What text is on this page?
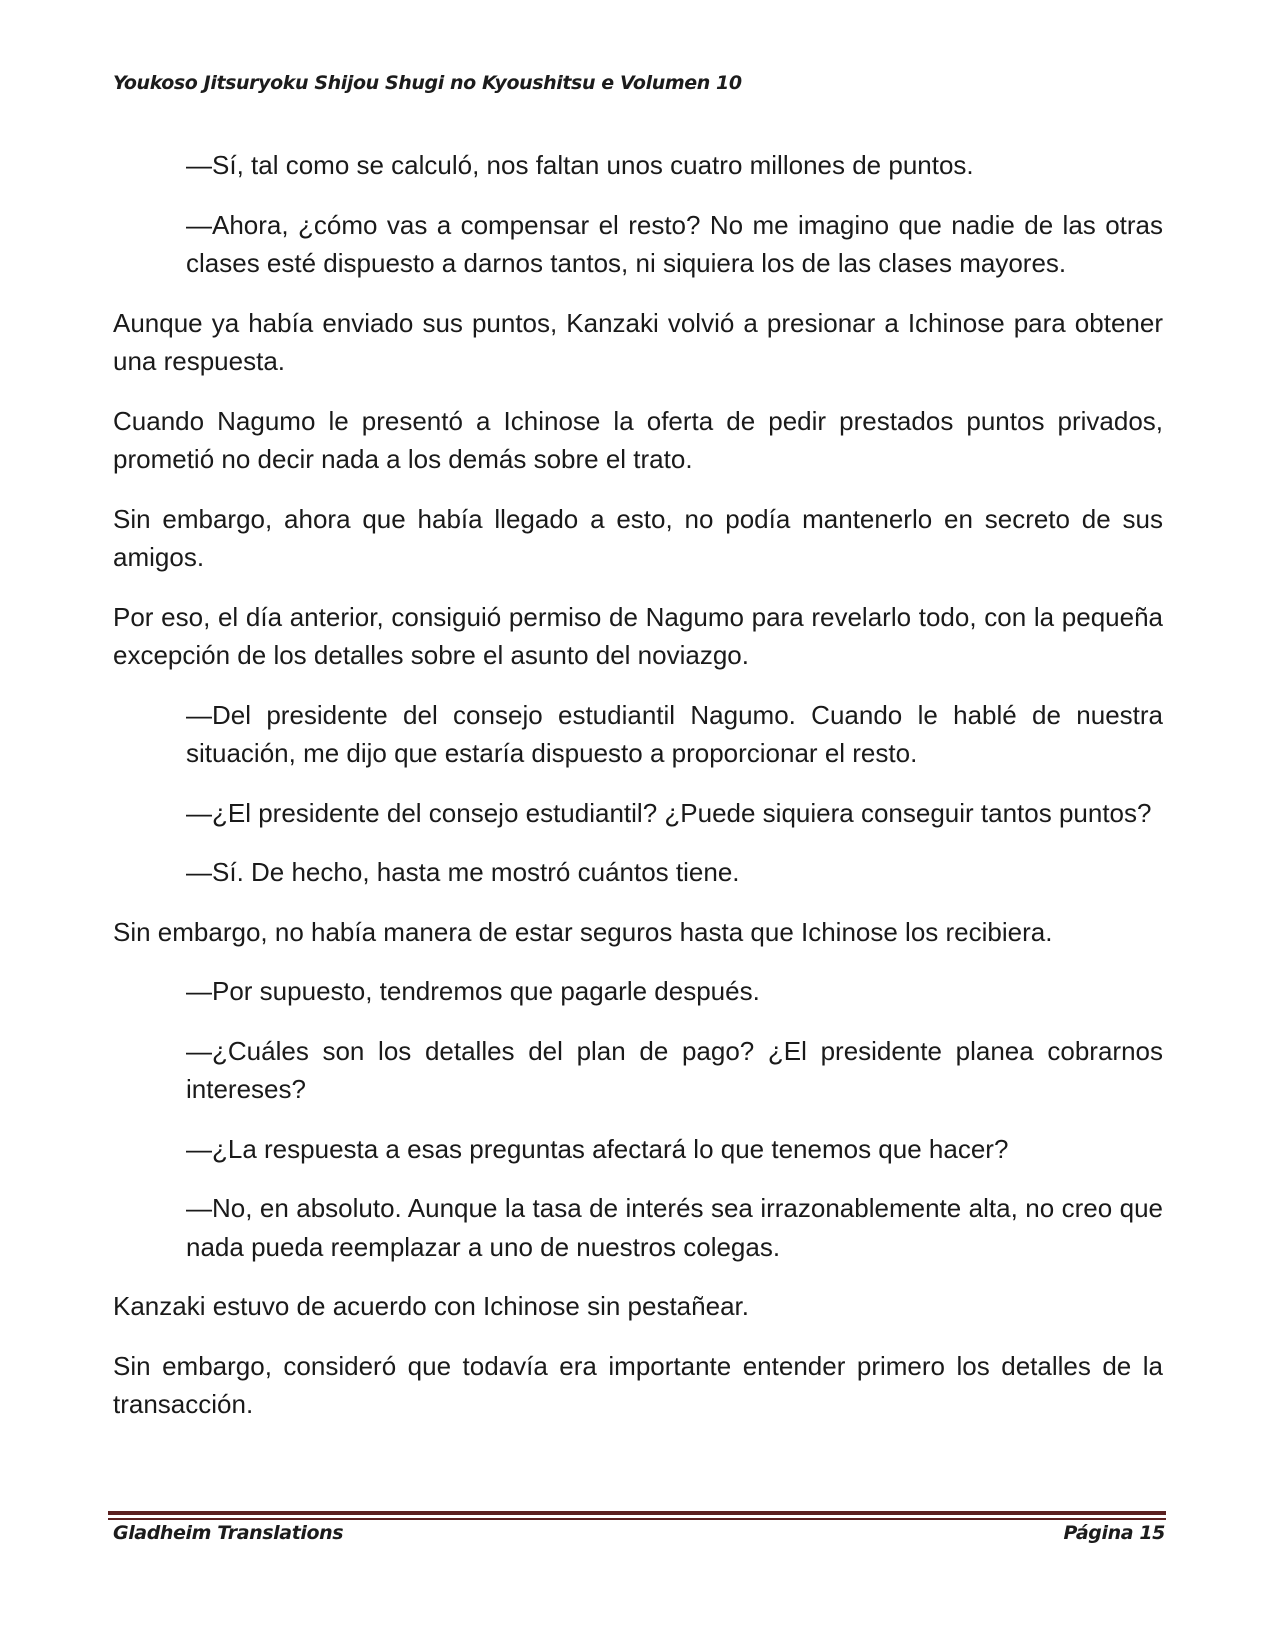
Youkoso Jitsuryoku Shijou Shugi no Kyoushitsu e Volumen 10

—Sí, tal como se calculó, nos faltan unos cuatro millones de puntos.

—Ahora, ¿cómo vas a compensar el resto? No me imagino que nadie de las otras clases esté dispuesto a darnos tantos, ni siquiera los de las clases mayores.

Aunque ya había enviado sus puntos, Kanzaki volvió a presionar a Ichinose para obtener una respuesta.

Cuando Nagumo le presentó a Ichinose la oferta de pedir prestados puntos privados, prometió no decir nada a los demás sobre el trato.

Sin embargo, ahora que había llegado a esto, no podía mantenerlo en secreto de sus amigos.

Por eso, el día anterior, consiguió permiso de Nagumo para revelarlo todo, con la pequeña excepción de los detalles sobre el asunto del noviazgo.

—Del presidente del consejo estudiantil Nagumo. Cuando le hablé de nuestra situación, me dijo que estaría dispuesto a proporcionar el resto.

—¿El presidente del consejo estudiantil? ¿Puede siquiera conseguir tantos puntos?

—Sí. De hecho, hasta me mostró cuántos tiene.

Sin embargo, no había manera de estar seguros hasta que Ichinose los recibiera.

—Por supuesto, tendremos que pagarle después.

—¿Cuáles son los detalles del plan de pago? ¿El presidente planea cobrarnos intereses?

—¿La respuesta a esas preguntas afectará lo que tenemos que hacer?

—No, en absoluto. Aunque la tasa de interés sea irrazonablemente alta, no creo que nada pueda reemplazar a uno de nuestros colegas.

Kanzaki estuvo de acuerdo con Ichinose sin pestañear.

Sin embargo, consideró que todavía era importante entender primero los detalles de la transacción.

Gladheim Translations	Página 15
